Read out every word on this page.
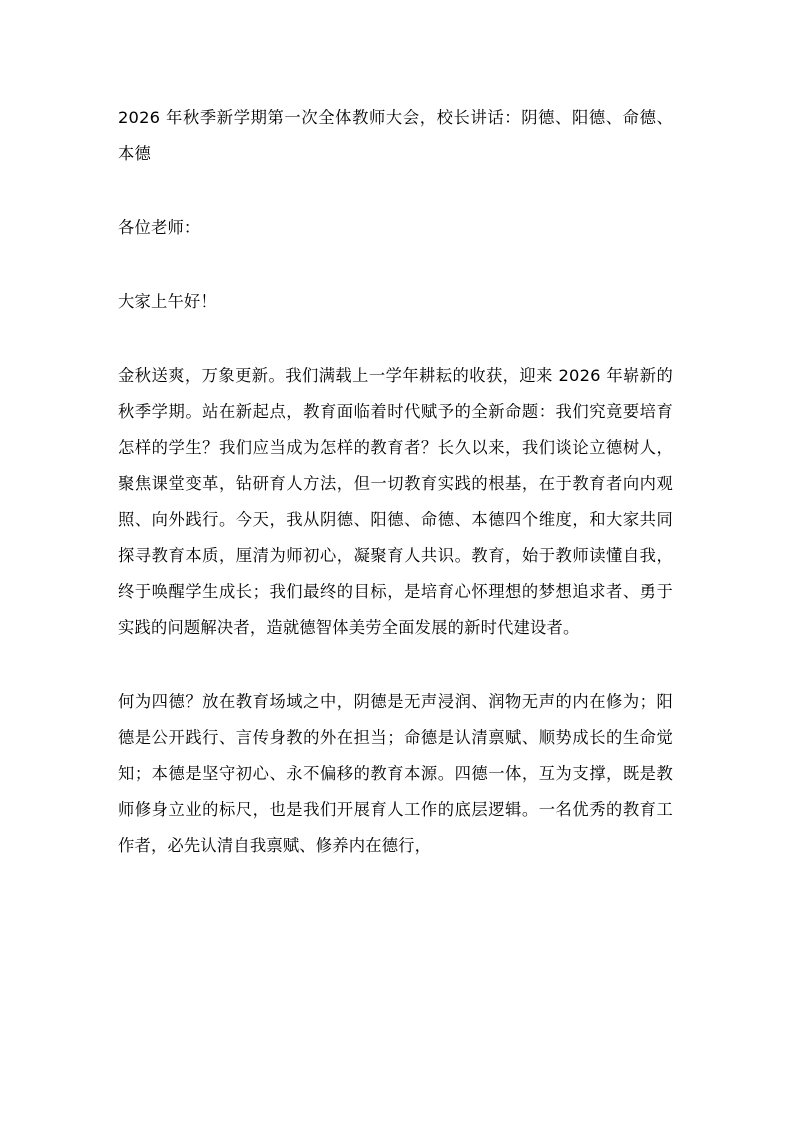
2026 年秋季新学期第一次全体教师大会，校长讲话：阴德、阳德、命德、本德

各位老师：

大家上午好！

金秋送爽，万象更新。我们满载上一学年耕耘的收获，迎来 2026 年崭新的秋季学期。站在新起点，教育面临着时代赋予的全新命题：我们究竟要培育怎样的学生？我们应当成为怎样的教育者？长久以来，我们谈论立德树人，聚焦课堂变革，钻研育人方法，但一切教育实践的根基，在于教育者向内观照、向外践行。今天，我从阴德、阳德、命德、本德四个维度，和大家共同探寻教育本质，厘清为师初心，凝聚育人共识。教育，始于教师读懂自我，终于唤醒学生成长；我们最终的目标，是培育心怀理想的梦想追求者、勇于实践的问题解决者，造就德智体美劳全面发展的新时代建设者。

何为四德？放在教育场域之中，阴德是无声浸润、润物无声的内在修为；阳德是公开践行、言传身教的外在担当；命德是认清禀赋、顺势成长的生命觉知；本德是坚守初心、永不偏移的教育本源。四德一体，互为支撑，既是教师修身立业的标尺，也是我们开展育人工作的底层逻辑。一名优秀的教育工作者，必先认清自我禀赋、修养内在德行，
